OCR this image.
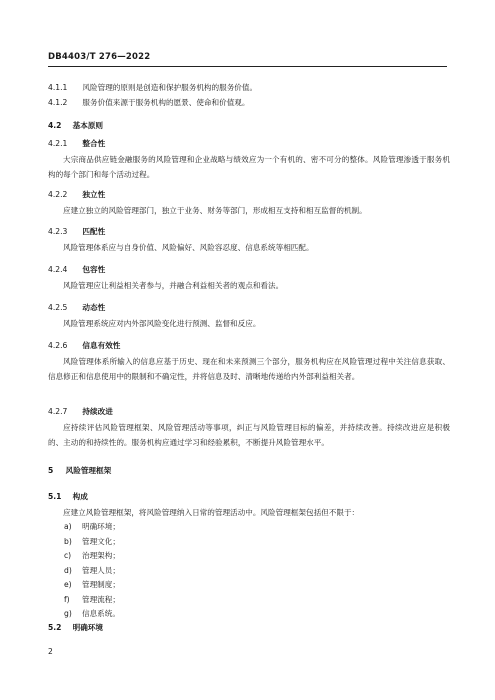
DB4403/T 276—2022
4.1.1 风险管理的原则是创造和保护服务机构的服务价值。
4.1.2 服务价值来源于服务机构的愿景、使命和价值观。
4.2 基本原则
4.2.1 整合性
大宗商品供应链金融服务的风险管理和企业战略与绩效应为一个有机的、密不可分的整体。风险管理渗透于服务机构的每个部门和每个活动过程。
4.2.2 独立性
应建立独立的风险管理部门，独立于业务、财务等部门，形成相互支持和相互监督的机制。
4.2.3 匹配性
风险管理体系应与自身价值、风险偏好、风险容忍度、信息系统等相匹配。
4.2.4 包容性
风险管理应让利益相关者参与，并融合利益相关者的观点和看法。
4.2.5 动态性
风险管理系统应对内外部风险变化进行预测、监督和反应。
4.2.6 信息有效性
风险管理体系所输入的信息应基于历史、现在和未来预测三个部分，服务机构应在风险管理过程中关注信息获取、信息修正和信息使用中的限制和不确定性，并将信息及时、清晰地传递给内外部利益相关者。
4.2.7 持续改进
应持续评估风险管理框架、风险管理活动等事项，纠正与风险管理目标的偏差，并持续改善。持续改进应是积极的、主动的和持续性的。服务机构应通过学习和经验累积，不断提升风险管理水平。
5 风险管理框架
5.1 构成
应建立风险管理框架，将风险管理纳入日常的管理活动中。风险管理框架包括但不限于：
a) 明确环境；
b) 管理文化；
c) 治理架构；
d) 管理人员；
e) 管理制度；
f) 管理流程；
g) 信息系统。
5.2 明确环境
2
